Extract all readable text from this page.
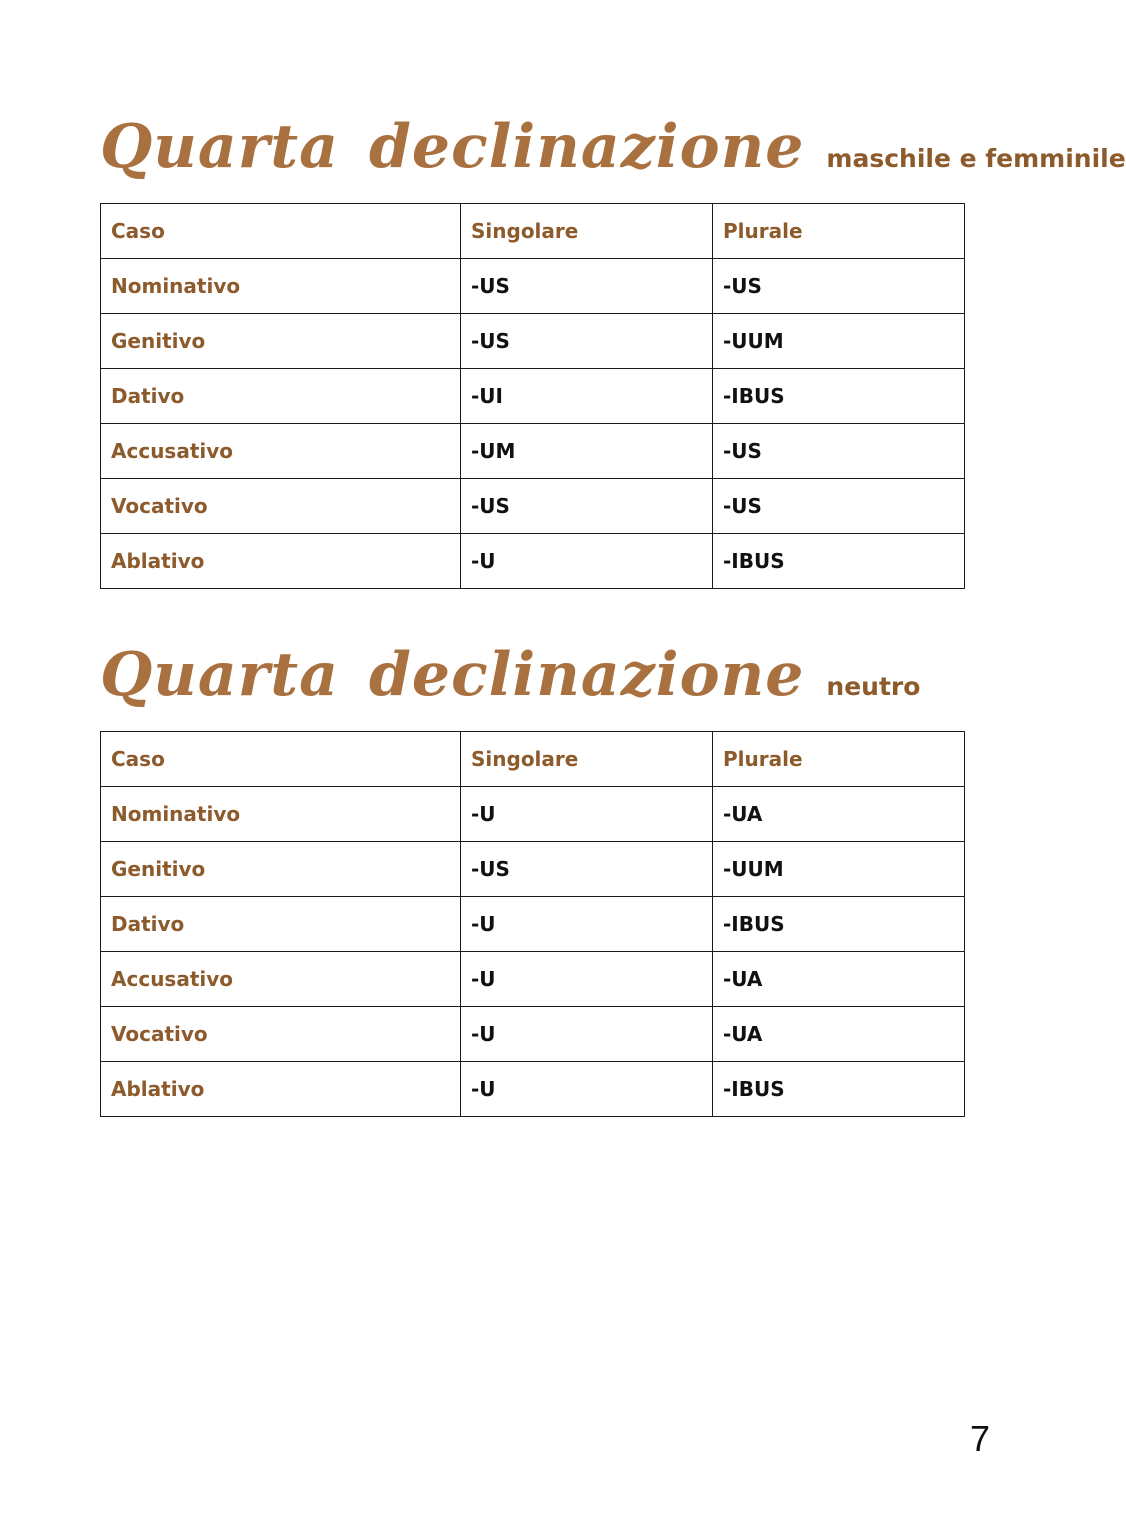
Quarta declinazione maschile e femminile
Caso	Singolare	Plurale
Nominativo	-US	-US
Genitivo	-US	-UUM
Dativo	-UI	-IBUS
Accusativo	-UM	-US
Vocativo	-US	-US
Ablativo	-U	-IBUS
Quarta declinazione neutro
Caso	Singolare	Plurale
Nominativo	-U	-UA
Genitivo	-US	-UUM
Dativo	-U	-IBUS
Accusativo	-U	-UA
Vocativo	-U	-UA
Ablativo	-U	-IBUS
7
